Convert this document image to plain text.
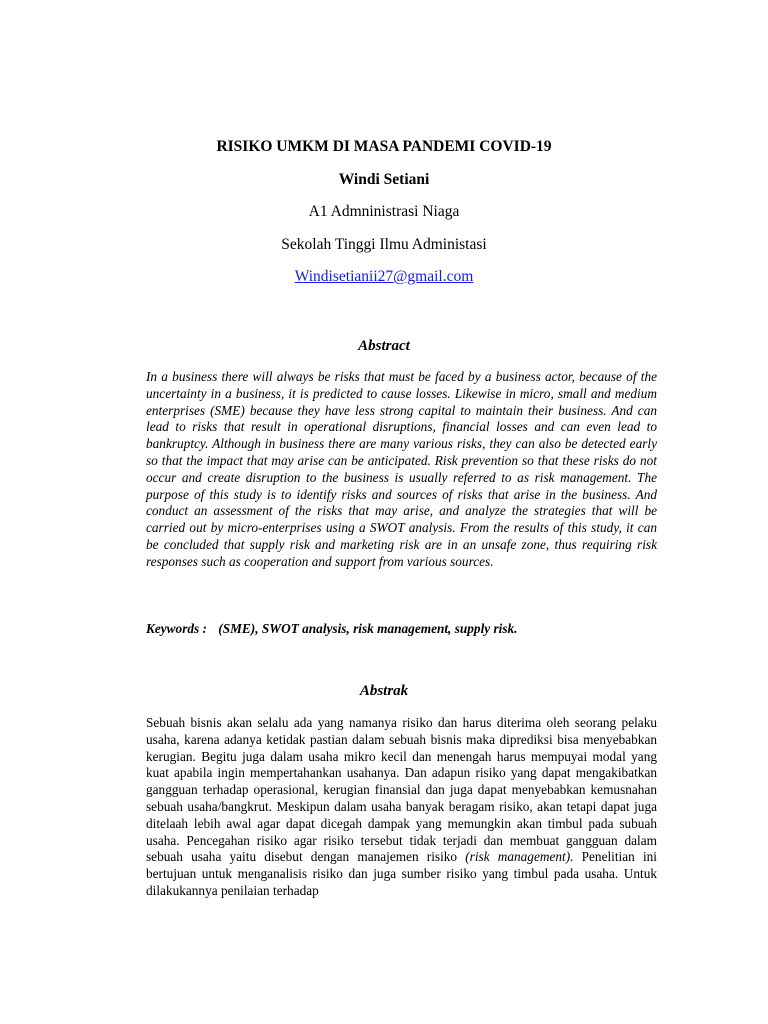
RISIKO UMKM DI MASA PANDEMI COVID-19
Windi Setiani
A1 Admninistrasi Niaga
Sekolah Tinggi Ilmu Administasi
Windisetianii27@gmail.com
Abstract
In a business there will always be risks that must be faced by a business actor, because of the uncertainty in a business, it is predicted to cause losses. Likewise in micro, small and medium enterprises (SME) because they have less strong capital to maintain their business. And can lead to risks that result in operational disruptions, financial losses and can even lead to bankruptcy. Although in business there are many various risks, they can also be detected early so that the impact that may arise can be anticipated. Risk prevention so that these risks do not occur and create disruption to the business is usually referred to as risk management. The purpose of this study is to identify risks and sources of risks that arise in the business. And conduct an assessment of the risks that may arise, and analyze the strategies that will be carried out by micro-enterprises using a SWOT analysis. From the results of this study, it can be concluded that supply risk and marketing risk are in an unsafe zone, thus requiring risk responses such as cooperation and support from various sources.
Keywords : (SME), SWOT analysis, risk management, supply risk.
Abstrak
Sebuah bisnis akan selalu ada yang namanya risiko dan harus diterima oleh seorang pelaku usaha, karena adanya ketidak pastian dalam sebuah bisnis maka diprediksi bisa menyebabkan kerugian. Begitu juga dalam usaha mikro kecil dan menengah harus mempuyai modal yang kuat apabila ingin mempertahankan usahanya. Dan adapun risiko yang dapat mengakibatkan gangguan terhadap operasional, kerugian finansial dan juga dapat menyebabkan kemusnahan sebuah usaha/bangkrut. Meskipun dalam usaha banyak beragam risiko, akan tetapi dapat juga ditelaah lebih awal agar dapat dicegah dampak yang memungkin akan timbul pada subuah usaha. Pencegahan risiko agar risiko tersebut tidak terjadi dan membuat gangguan dalam sebuah usaha yaitu disebut dengan manajemen risiko (risk management). Penelitian ini bertujuan untuk menganalisis risiko dan juga sumber risiko yang timbul pada usaha. Untuk dilakukannya penilaian terhadap
